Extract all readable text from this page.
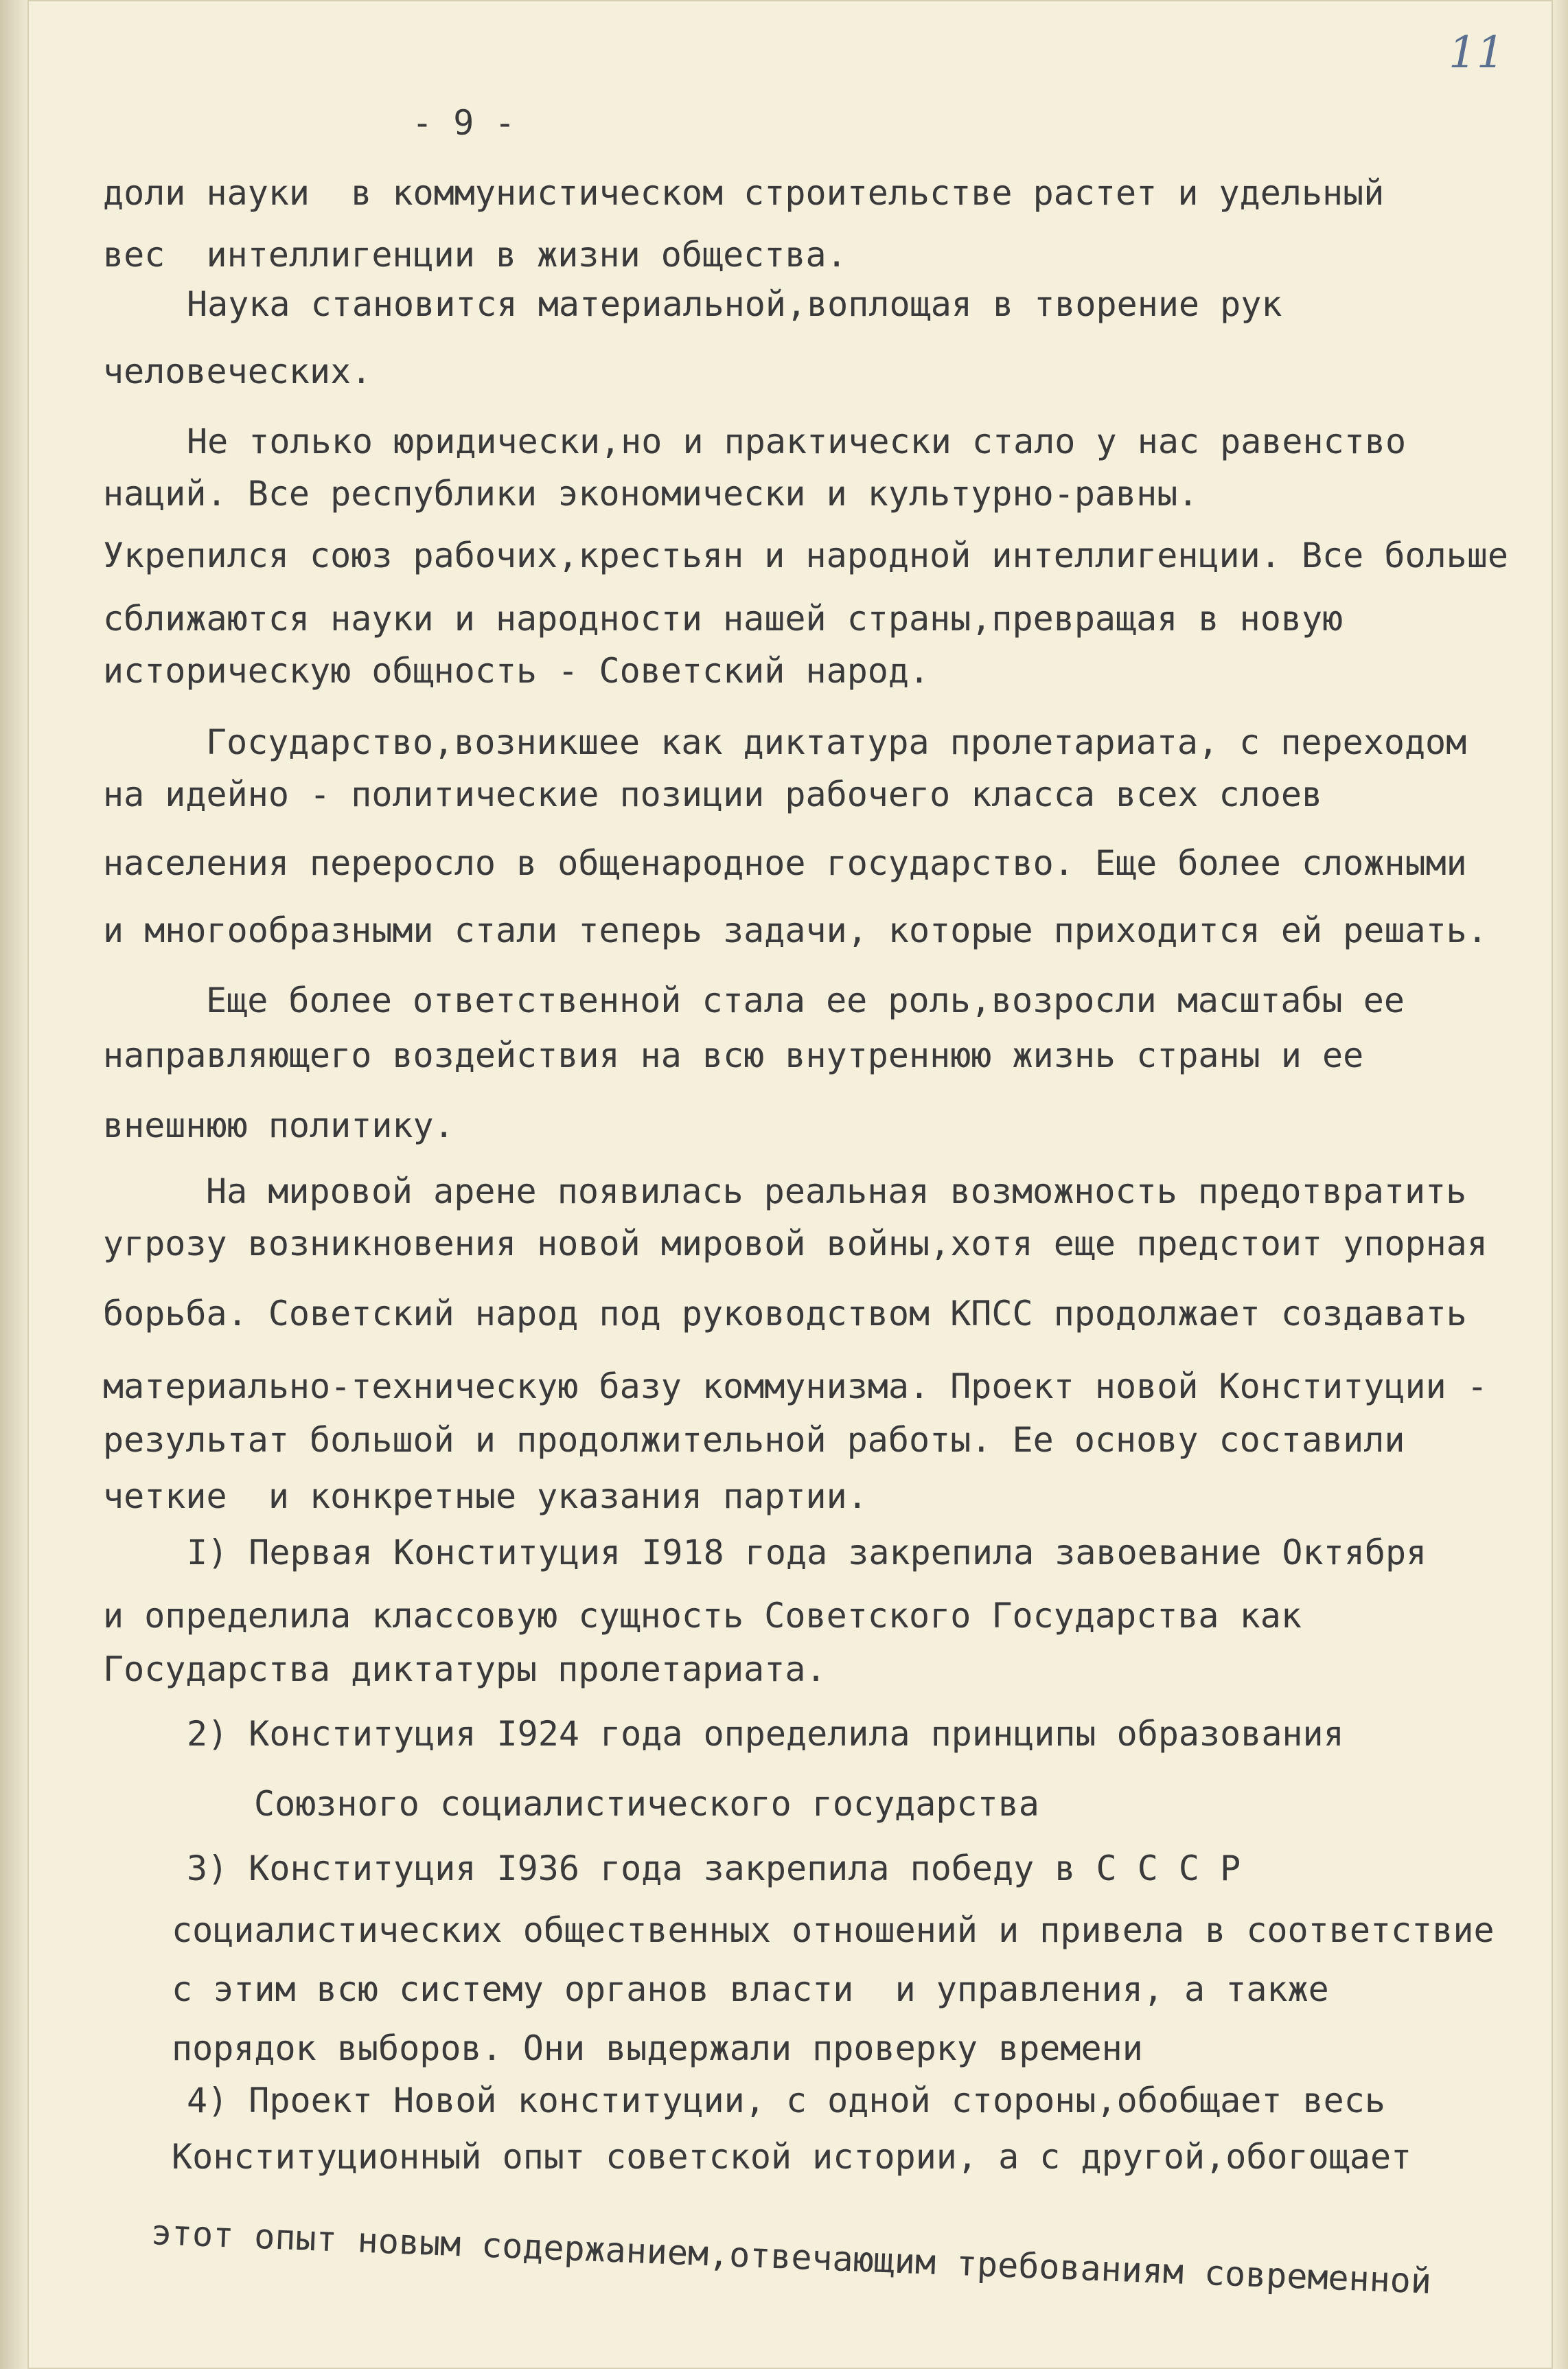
11
- 9 -
доли науки  в коммунистическом строительстве растет и удельный
вес  интеллигенции в жизни общества.
Наука становится материальной,воплощая в творение рук
человеческих.
Не только юридически,но и практически стало у нас равенство
наций. Все республики экономически и культурно-равны.
Укрепился союз рабочих,крестьян и народной интеллигенции. Все больше
сближаются науки и народности нашей страны,превращая в новую
историческую общность - Советский народ.
Государство,возникшее как диктатура пролетариата, с переходом
на идейно - политические позиции рабочего класса всех слоев
населения переросло в общенародное государство. Еще более сложными
и многообразными стали теперь задачи, которые приходится ей решать.
Еще более ответственной стала ее роль,возросли масштабы ее
направляющего воздействия на всю внутреннюю жизнь страны и ее
внешнюю политику.
На мировой арене появилась реальная возможность предотвратить
угрозу возникновения новой мировой войны,хотя еще предстоит упорная
борьба. Советский народ под руководством КПСС продолжает создавать
материально-техническую базу коммунизма. Проект новой Конституции -
результат большой и продолжительной работы. Ее основу составили
четкие  и конкретные указания партии.
I) Первая Конституция I918 года закрепила завоевание Октября
и определила классовую сущность Советского Государства как
Государства диктатуры пролетариата.
2) Конституция I924 года определила принципы образования
Союзного социалистического государства
3) Конституция I936 года закрепила победу в С С С Р
социалистических общественных отношений и привела в соответствие
с этим всю систему органов власти  и управления, а также
порядок выборов. Они выдержали проверку времени
4) Проект Новой конституции, с одной стороны,обобщает весь
Конституционный опыт советской истории, а с другой,обогощает
этот опыт новым содержанием,отвечающим требованиям современной
